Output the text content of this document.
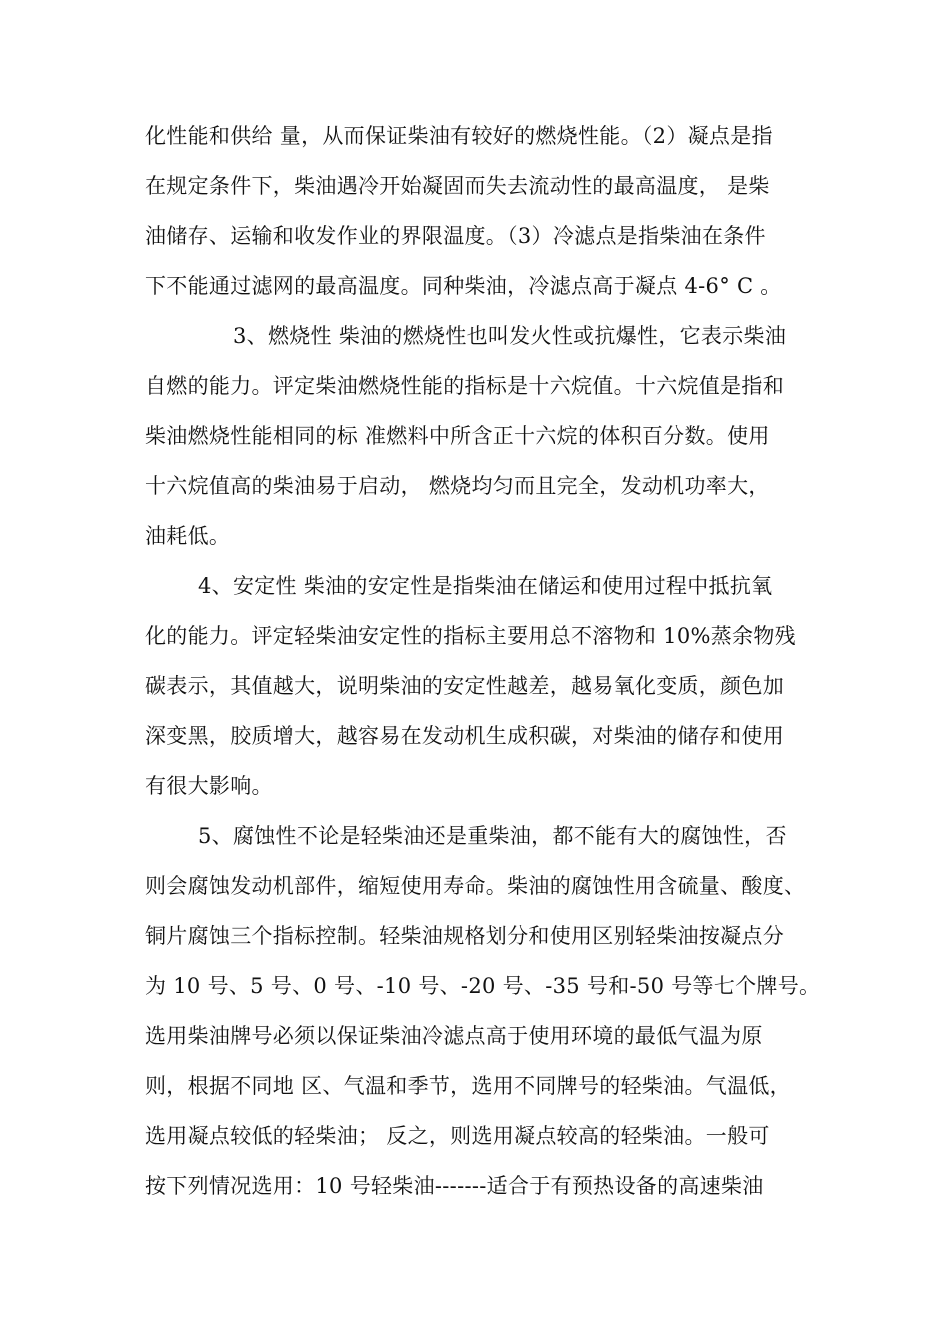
化性能和供给 量，从而保证柴油有较好的燃烧性能。（2）凝点是指
在规定条件下，柴油遇冷开始凝固而失去流动性的最高温度， 是柴
油储存、运输和收发作业的界限温度。（3）冷滤点是指柴油在条件
下不能通过滤网的最高温度。同种柴油，冷滤点高于凝点 4-6° C 。
3、燃烧性 柴油的燃烧性也叫发火性或抗爆性，它表示柴油
自燃的能力。评定柴油燃烧性能的指标是十六烷值。十六烷值是指和
柴油燃烧性能相同的标 准燃料中所含正十六烷的体积百分数。使用
十六烷值高的柴油易于启动， 燃烧均匀而且完全，发动机功率大，
油耗低。
4、安定性 柴油的安定性是指柴油在储运和使用过程中抵抗氧
化的能力。评定轻柴油安定性的指标主要用总不溶物和 10%蒸余物残
碳表示，其值越大，说明柴油的安定性越差，越易氧化变质，颜色加
深变黑，胶质增大，越容易在发动机生成积碳，对柴油的储存和使用
有很大影响。
5、腐蚀性不论是轻柴油还是重柴油，都不能有大的腐蚀性，否
则会腐蚀发动机部件，缩短使用寿命。柴油的腐蚀性用含硫量、酸度、
铜片腐蚀三个指标控制。轻柴油规格划分和使用区别轻柴油按凝点分
为 10 号、5 号、0 号、-10 号、-20 号、-35 号和-50 号等七个牌号。
选用柴油牌号必须以保证柴油冷滤点高于使用环境的最低气温为原
则，根据不同地 区、气温和季节，选用不同牌号的轻柴油。气温低，
选用凝点较低的轻柴油； 反之，则选用凝点较高的轻柴油。一般可
按下列情况选用：10 号轻柴油-------适合于有预热设备的高速柴油
